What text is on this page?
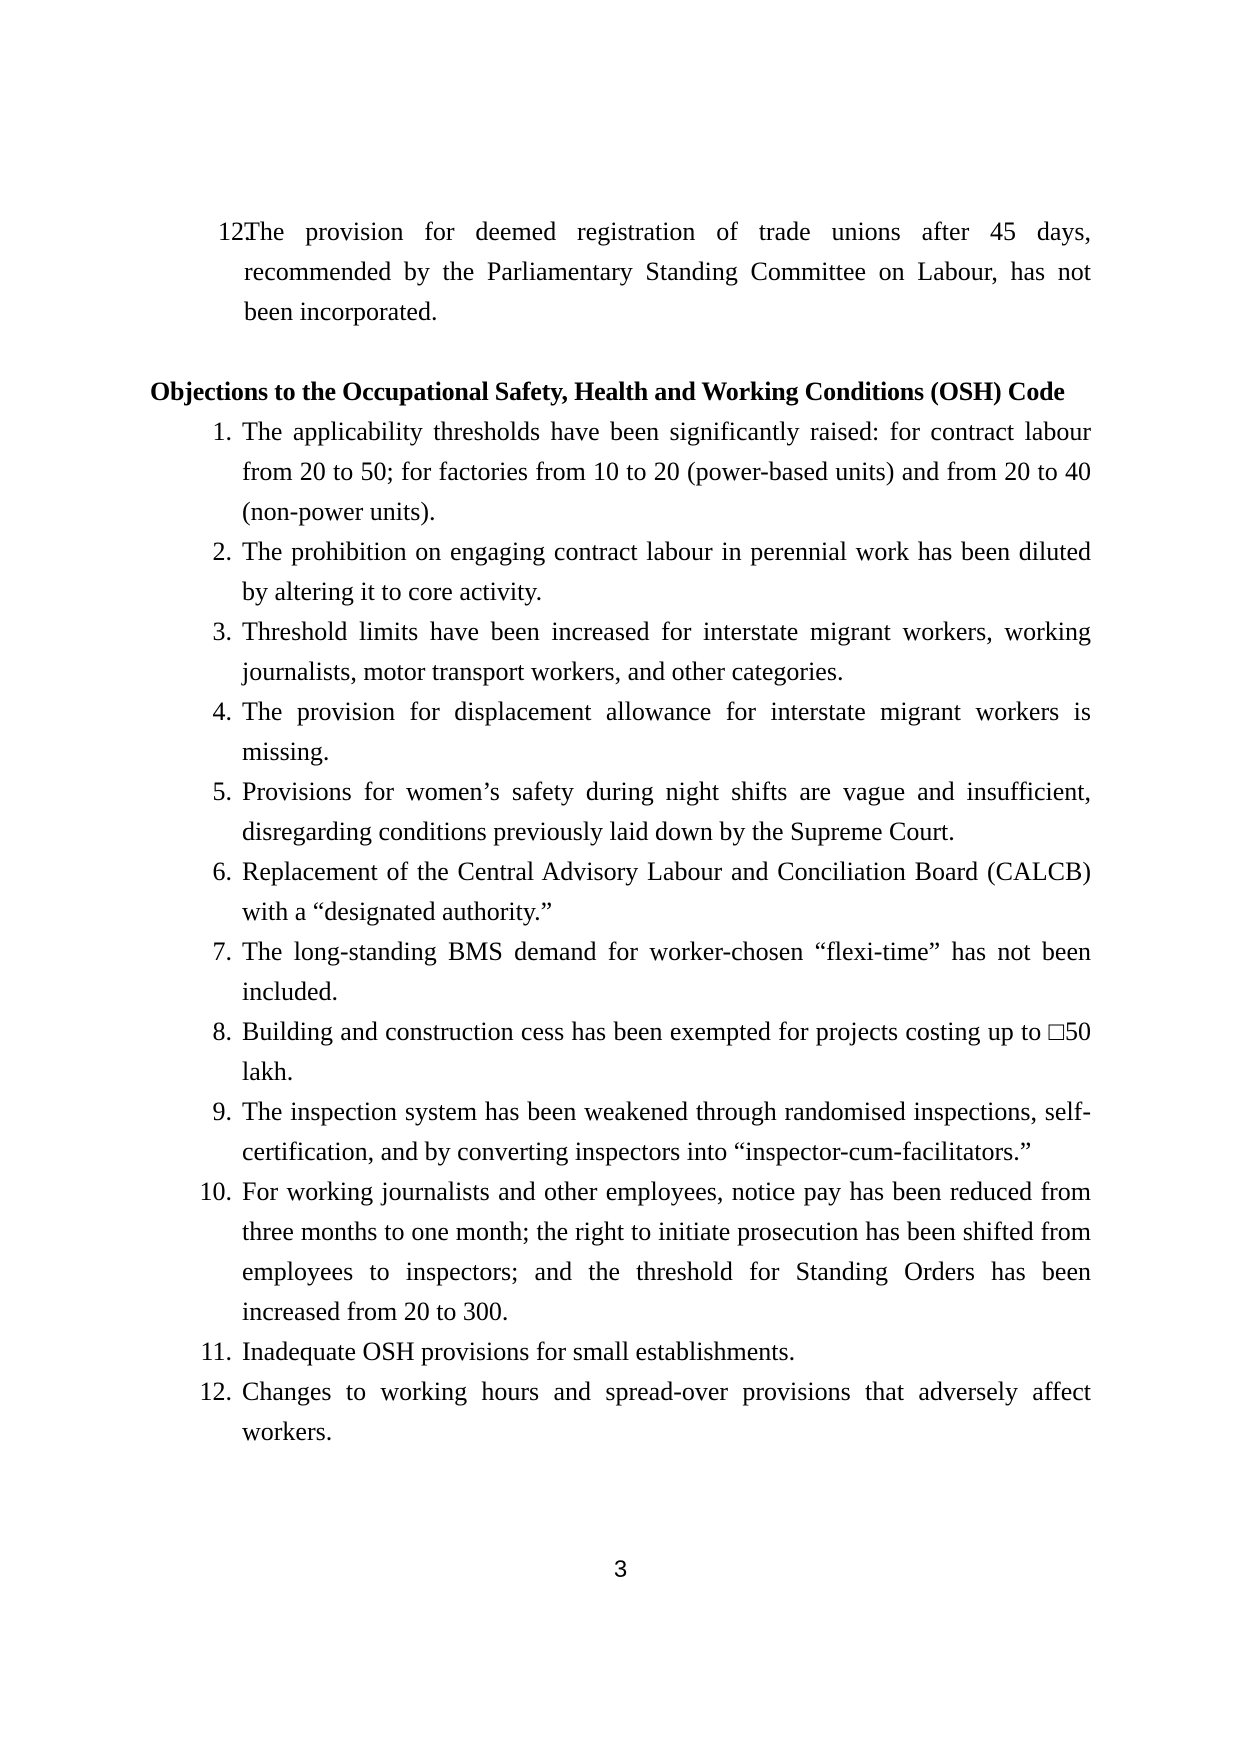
12.
The provision for deemed registration of trade unions after 45 days, recommended by the Parliamentary Standing Committee on Labour, has not been incorporated.
Objections to the Occupational Safety, Health and Working Conditions (OSH) Code
1. The applicability thresholds have been significantly raised: for contract labour from 20 to 50; for factories from 10 to 20 (power-based units) and from 20 to 40 (non-power units).
2. The prohibition on engaging contract labour in perennial work has been diluted by altering it to core activity.
3. Threshold limits have been increased for interstate migrant workers, working journalists, motor transport workers, and other categories.
4. The provision for displacement allowance for interstate migrant workers is missing.
5. Provisions for women’s safety during night shifts are vague and insufficient, disregarding conditions previously laid down by the Supreme Court.
6. Replacement of the Central Advisory Labour and Conciliation Board (CALCB) with a “designated authority.”
7. The long-standing BMS demand for worker-chosen “flexi-time” has not been included.
8. Building and construction cess has been exempted for projects costing up to □50 lakh.
9. The inspection system has been weakened through randomised inspections, self-certification, and by converting inspectors into “inspector-cum-facilitators.”
10. For working journalists and other employees, notice pay has been reduced from three months to one month; the right to initiate prosecution has been shifted from employees to inspectors; and the threshold for Standing Orders has been increased from 20 to 300.
11. Inadequate OSH provisions for small establishments.
12. Changes to working hours and spread-over provisions that adversely affect workers.
3
